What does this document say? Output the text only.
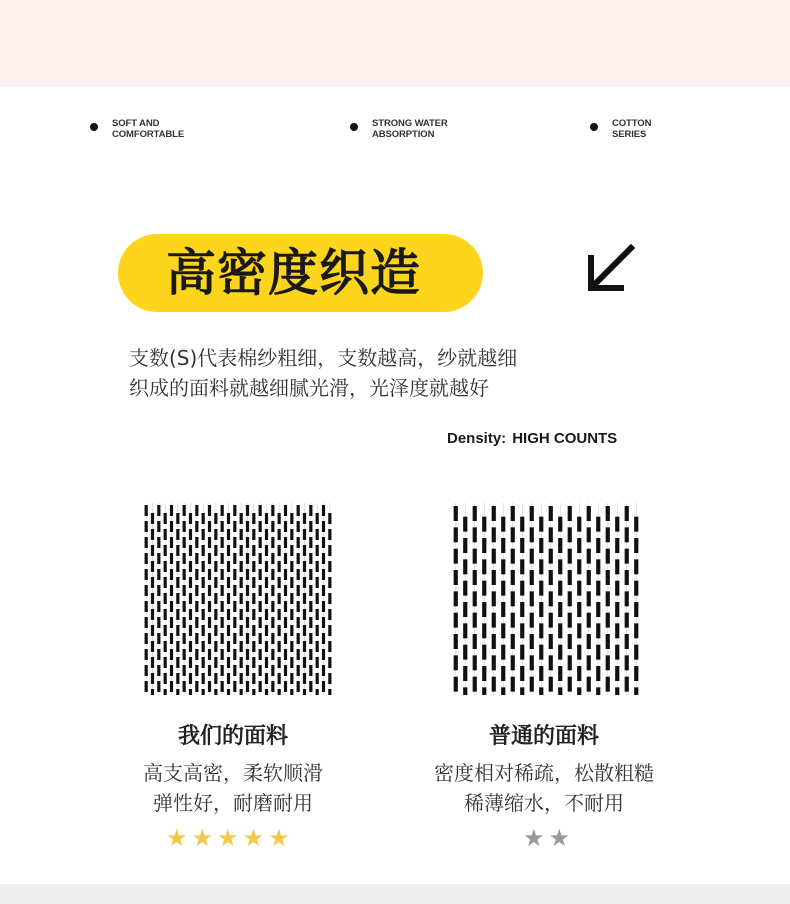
SOFT AND
COMFORTABLE
STRONG WATER
ABSORPTION
COTTON
SERIES
高密度织造
支数(S)代表棉纱粗细，支数越高，纱就越细
织成的面料就越细腻光滑，光泽度就越好
Density: HIGH COUNTS
我们的面料
高支高密，柔软顺滑
弹性好，耐磨耐用
★ ★ ★ ★ ★
普通的面料
密度相对稀疏，松散粗糙
稀薄缩水，不耐用
★ ★
